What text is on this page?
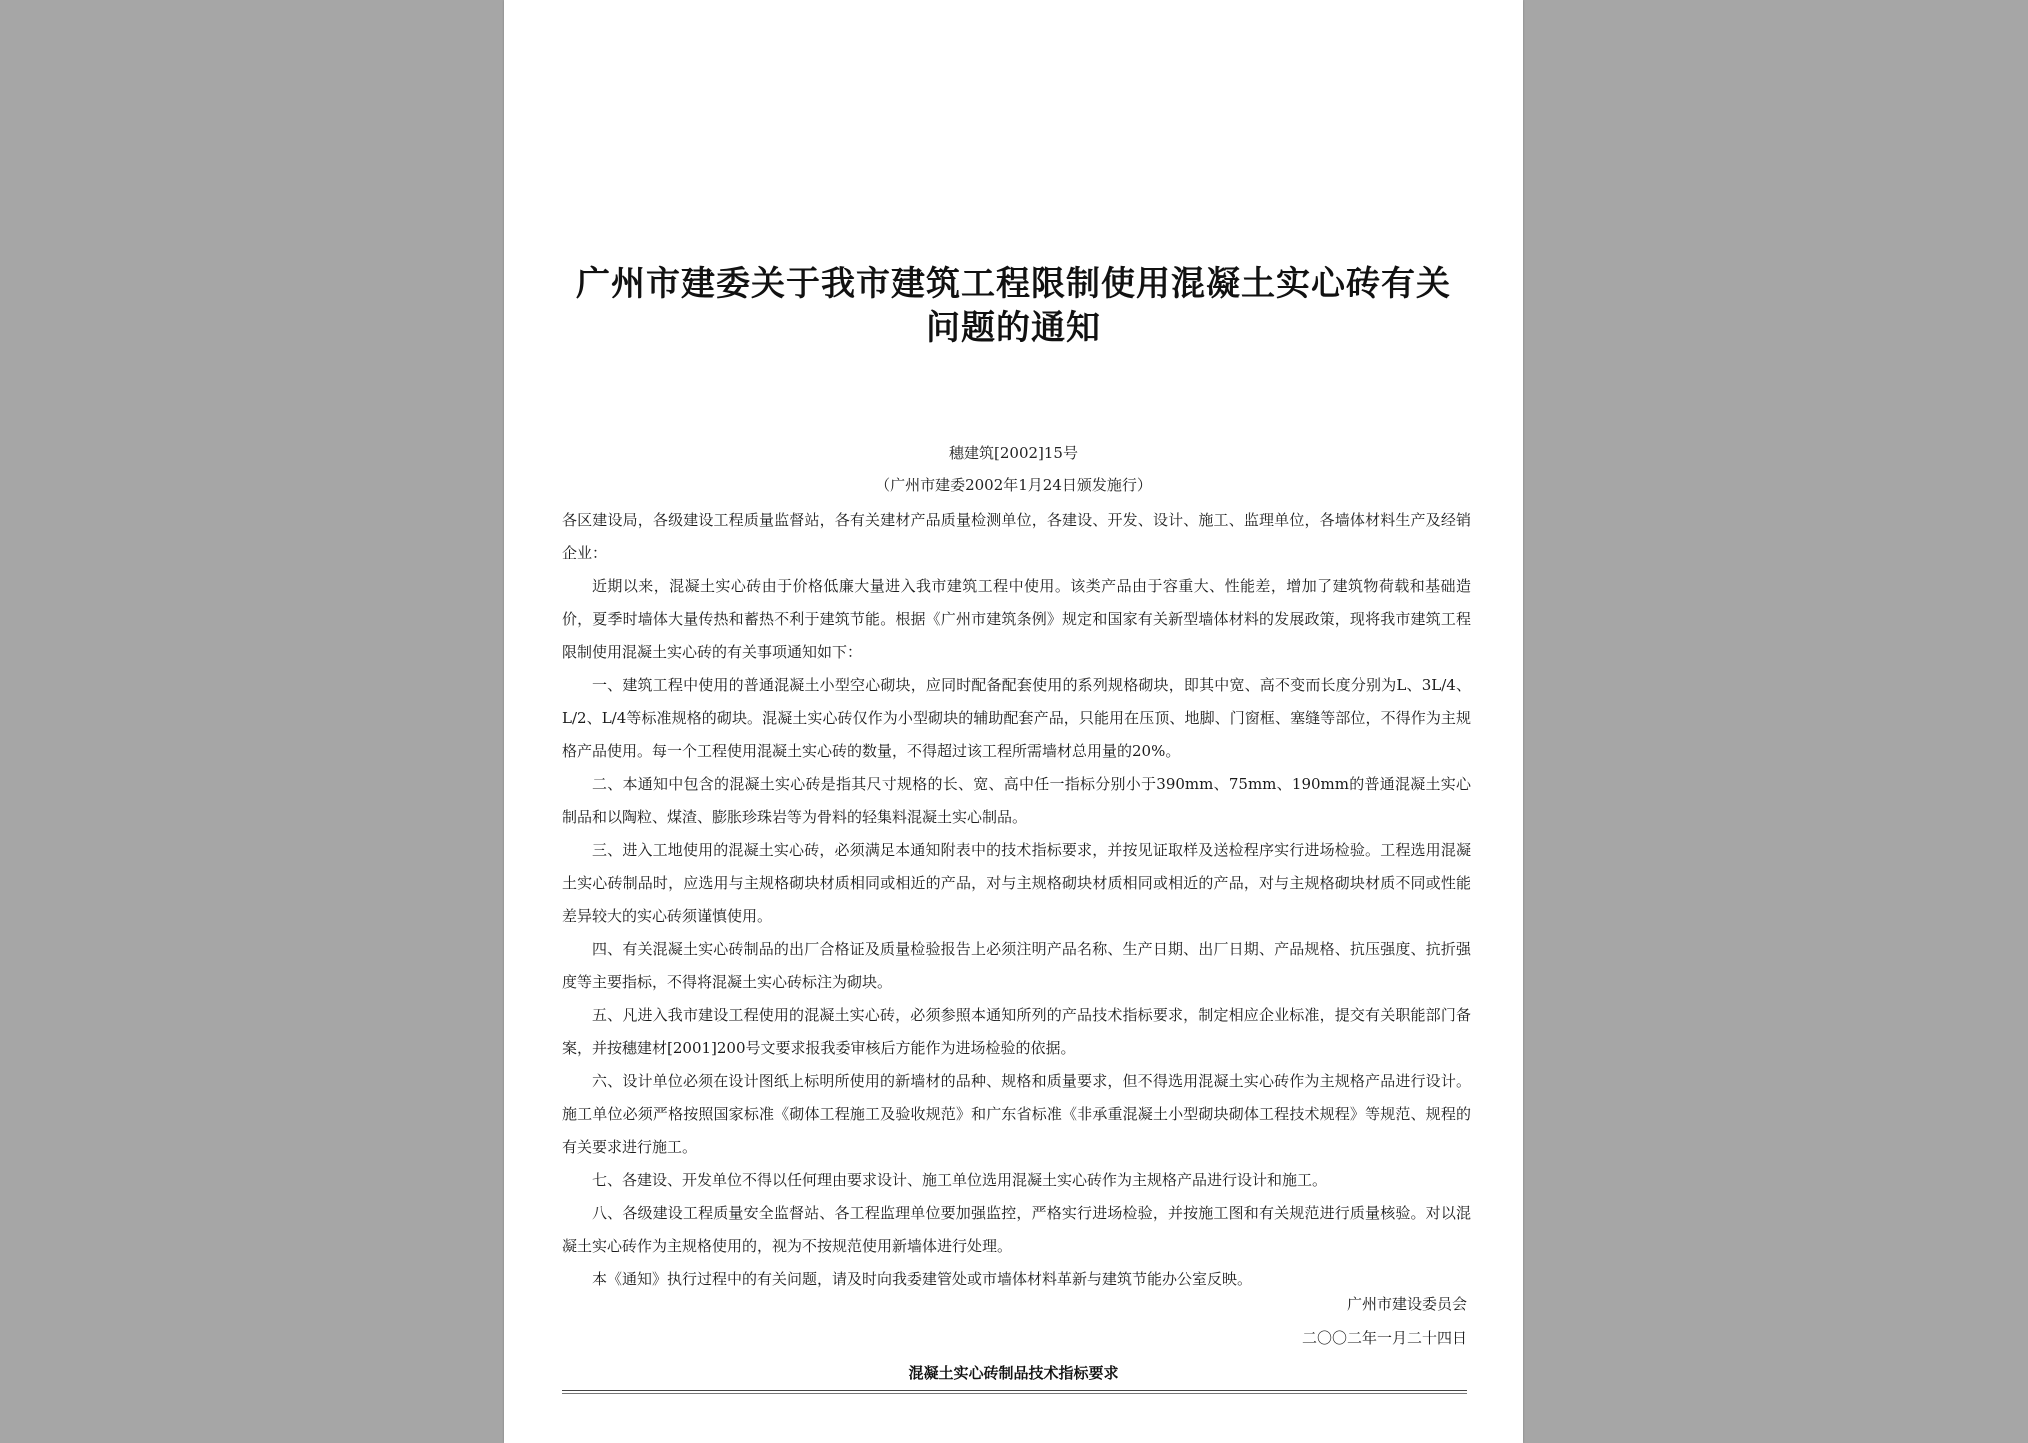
广州市建委关于我市建筑工程限制使用混凝土实心砖有关问题的通知
穗建筑[2002]15号
（广州市建委2002年1月24日颁发施行）

各区建设局，各级建设工程质量监督站，各有关建材产品质量检测单位，各建设、开发、设计、施工、监理单位，各墙体材料生产及经销企业：

近期以来，混凝土实心砖由于价格低廉大量进入我市建筑工程中使用。该类产品由于容重大、性能差，增加了建筑物荷载和基础造价，夏季时墙体大量传热和蓄热不利于建筑节能。根据《广州市建筑条例》规定和国家有关新型墙体材料的发展政策，现将我市建筑工程限制使用混凝土实心砖的有关事项通知如下：

一、建筑工程中使用的普通混凝土小型空心砌块，应同时配备配套使用的系列规格砌块，即其中宽、高不变而长度分别为L、3L/4、L/2、L/4等标准规格的砌块。混凝土实心砖仅作为小型砌块的辅助配套产品，只能用在压顶、地脚、门窗框、塞缝等部位，不得作为主规格产品使用。每一个工程使用混凝土实心砖的数量，不得超过该工程所需墙材总用量的20%。

二、本通知中包含的混凝土实心砖是指其尺寸规格的长、宽、高中任一指标分别小于390mm、75mm、190mm的普通混凝土实心制品和以陶粒、煤渣、膨胀珍珠岩等为骨料的轻集料混凝土实心制品。

三、进入工地使用的混凝土实心砖，必须满足本通知附表中的技术指标要求，并按见证取样及送检程序实行进场检验。工程选用混凝土实心砖制品时，应选用与主规格砌块材质相同或相近的产品，对与主规格砌块材质相同或相近的产品，对与主规格砌块材质不同或性能差异较大的实心砖须谨慎使用。

四、有关混凝土实心砖制品的出厂合格证及质量检验报告上必须注明产品名称、生产日期、出厂日期、产品规格、抗压强度、抗折强度等主要指标，不得将混凝土实心砖标注为砌块。

五、凡进入我市建设工程使用的混凝土实心砖，必须参照本通知所列的产品技术指标要求，制定相应企业标准，提交有关职能部门备案，并按穗建材[2001]200号文要求报我委审核后方能作为进场检验的依据。

六、设计单位必须在设计图纸上标明所使用的新墙材的品种、规格和质量要求，但不得选用混凝土实心砖作为主规格产品进行设计。施工单位必须严格按照国家标准《砌体工程施工及验收规范》和广东省标准《非承重混凝土小型砌块砌体工程技术规程》等规范、规程的有关要求进行施工。

七、各建设、开发单位不得以任何理由要求设计、施工单位选用混凝土实心砖作为主规格产品进行设计和施工。

八、各级建设工程质量安全监督站、各工程监理单位要加强监控，严格实行进场检验，并按施工图和有关规范进行质量核验。对以混凝土实心砖作为主规格使用的，视为不按规范使用新墙体进行处理。

本《通知》执行过程中的有关问题，请及时向我委建管处或市墙体材料革新与建筑节能办公室反映。

广州市建设委员会
二〇〇二年一月二十四日
混凝土实心砖制品技术指标要求
